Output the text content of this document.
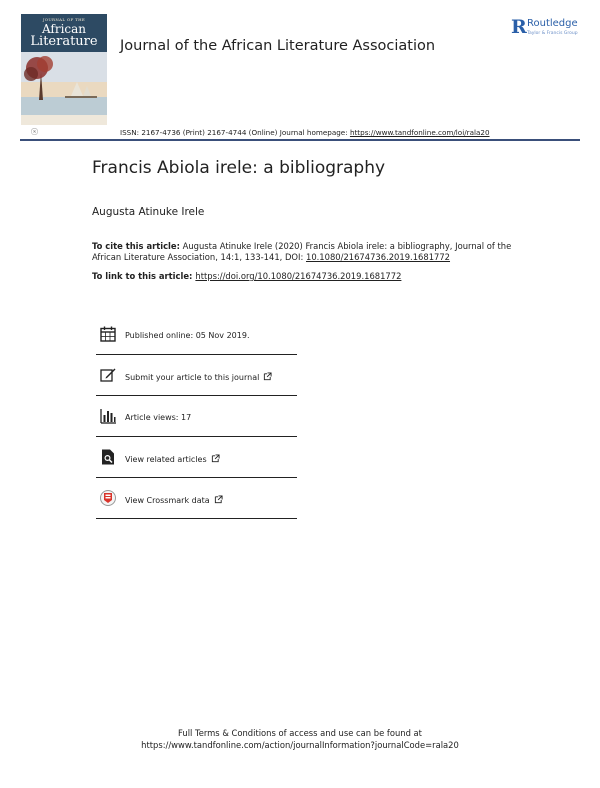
JOURNAL OF THE
African
Literature
ⓢ
Journal of the African Literature Association
R Routledge
Taylor & Francis Group
ISSN: 2167-4736 (Print) 2167-4744 (Online) Journal homepage: https://www.tandfonline.com/loi/rala20
Francis Abiola irele: a bibliography
Augusta Atinuke Irele
To cite this article: Augusta Atinuke Irele (2020) Francis Abiola irele: a bibliography, Journal of the African Literature Association, 14:1, 133-141, DOI: 10.1080/21674736.2019.1681772
To link to this article: https://doi.org/10.1080/21674736.2019.1681772
Published online: 05 Nov 2019.
Submit your article to this journal
Article views: 17
View related articles
View Crossmark data
Full Terms & Conditions of access and use can be found at
https://www.tandfonline.com/action/journalInformation?journalCode=rala20
